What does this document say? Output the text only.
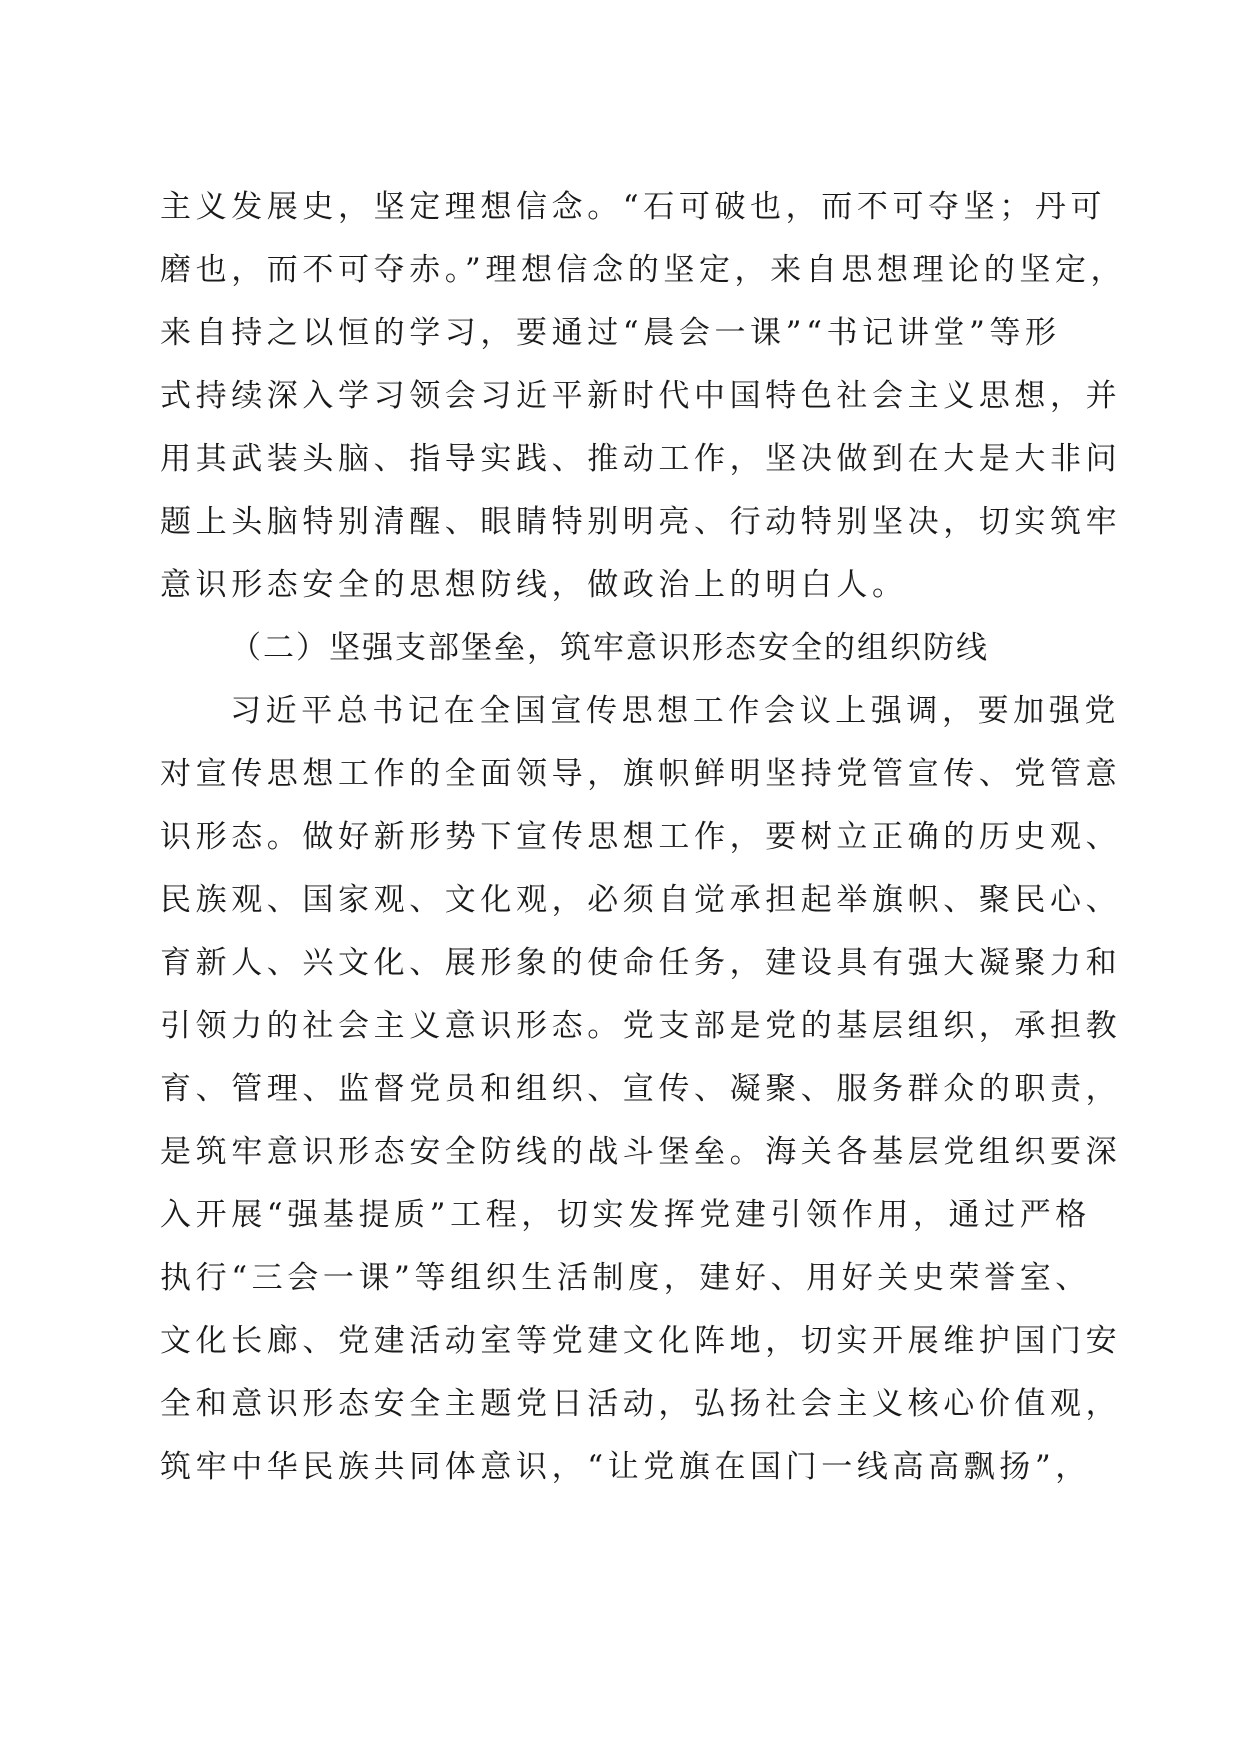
主义发展史，坚定理想信念。“石可破也，而不可夺坚；丹可
磨也，而不可夺赤。”理想信念的坚定，来自思想理论的坚定，
来自持之以恒的学习，要通过“晨会一课”“书记讲堂”等形
式持续深入学习领会习近平新时代中国特色社会主义思想，并
用其武装头脑、指导实践、推动工作，坚决做到在大是大非问
题上头脑特别清醒、眼睛特别明亮、行动特别坚决，切实筑牢
意识形态安全的思想防线，做政治上的明白人。
（二）坚强支部堡垒，筑牢意识形态安全的组织防线
习近平总书记在全国宣传思想工作会议上强调，要加强党
对宣传思想工作的全面领导，旗帜鲜明坚持党管宣传、党管意
识形态。做好新形势下宣传思想工作，要树立正确的历史观、
民族观、国家观、文化观，必须自觉承担起举旗帜、聚民心、
育新人、兴文化、展形象的使命任务，建设具有强大凝聚力和
引领力的社会主义意识形态。党支部是党的基层组织，承担教
育、管理、监督党员和组织、宣传、凝聚、服务群众的职责，
是筑牢意识形态安全防线的战斗堡垒。海关各基层党组织要深
入开展“强基提质”工程，切实发挥党建引领作用，通过严格
执行“三会一课”等组织生活制度，建好、用好关史荣誉室、
文化长廊、党建活动室等党建文化阵地，切实开展维护国门安
全和意识形态安全主题党日活动，弘扬社会主义核心价值观，
筑牢中华民族共同体意识，“让党旗在国门一线高高飘扬”，
